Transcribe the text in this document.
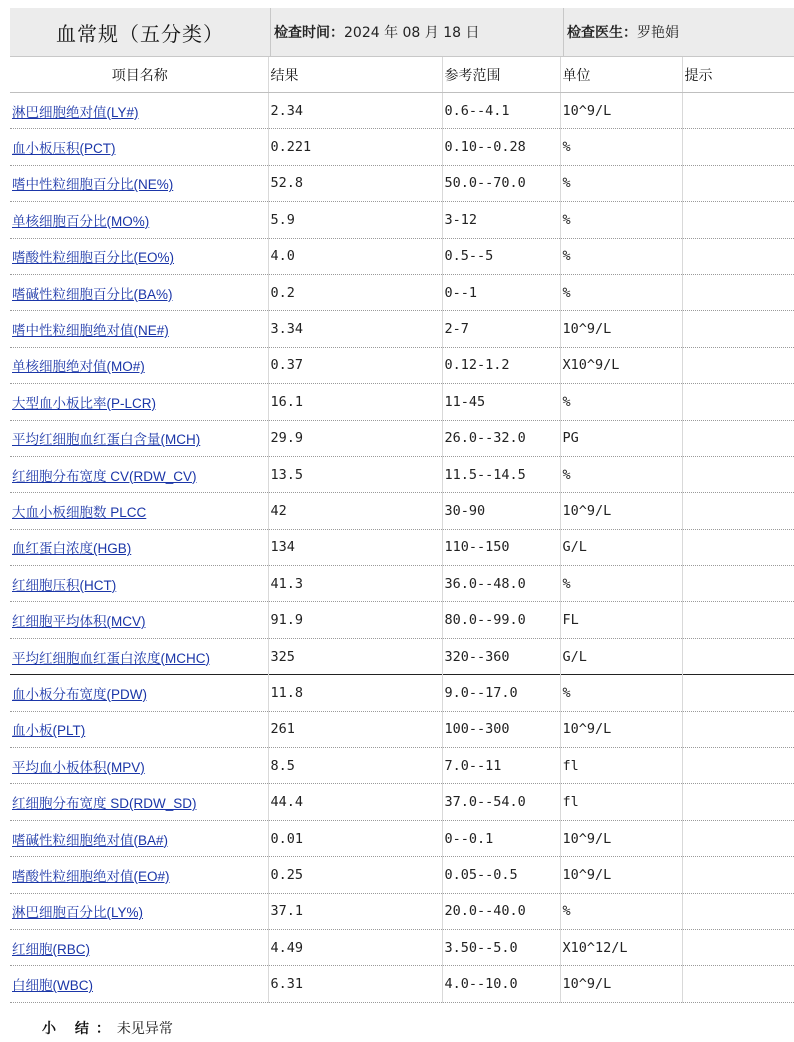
血常规（五分类）	检查时间： 2024 年 08 月 18 日	检查医生： 罗艳娟
项目名称	结果	参考范围	单位	提示
淋巴细胞绝对值(LY#)	2.34	0.6--4.1	10^9/L	
血小板压积(PCT)	0.221	0.10--0.28	%	
嗜中性粒细胞百分比(NE%)	52.8	50.0--70.0	%	
单核细胞百分比(MO%)	5.9	3-12	%	
嗜酸性粒细胞百分比(EO%)	4.0	0.5--5	%	
嗜碱性粒细胞百分比(BA%)	0.2	0--1	%	
嗜中性粒细胞绝对值(NE#)	3.34	2-7	10^9/L	
单核细胞绝对值(MO#)	0.37	0.12-1.2	X10^9/L	
大型血小板比率(P-LCR)	16.1	11-45	%	
平均红细胞血红蛋白含量(MCH)	29.9	26.0--32.0	PG	
红细胞分布宽度 CV(RDW_CV)	13.5	11.5--14.5	%	
大血小板细胞数 PLCC	42	30-90	10^9/L	
血红蛋白浓度(HGB)	134	110--150	G/L	
红细胞压积(HCT)	41.3	36.0--48.0	%	
红细胞平均体积(MCV)	91.9	80.0--99.0	FL	
平均红细胞血红蛋白浓度(MCHC)	325	320--360	G/L	
血小板分布宽度(PDW)	11.8	9.0--17.0	%	
血小板(PLT)	261	100--300	10^9/L	
平均血小板体积(MPV)	8.5	7.0--11	fl	
红细胞分布宽度 SD(RDW_SD)	44.4	37.0--54.0	fl	
嗜碱性粒细胞绝对值(BA#)	0.01	0--0.1	10^9/L	
嗜酸性粒细胞绝对值(EO#)	0.25	0.05--0.5	10^9/L	
淋巴细胞百分比(LY%)	37.1	20.0--40.0	%	
红细胞(RBC)	4.49	3.50--5.0	X10^12/L	
白细胞(WBC)	6.31	4.0--10.0	10^9/L	
小 结：未见异常
